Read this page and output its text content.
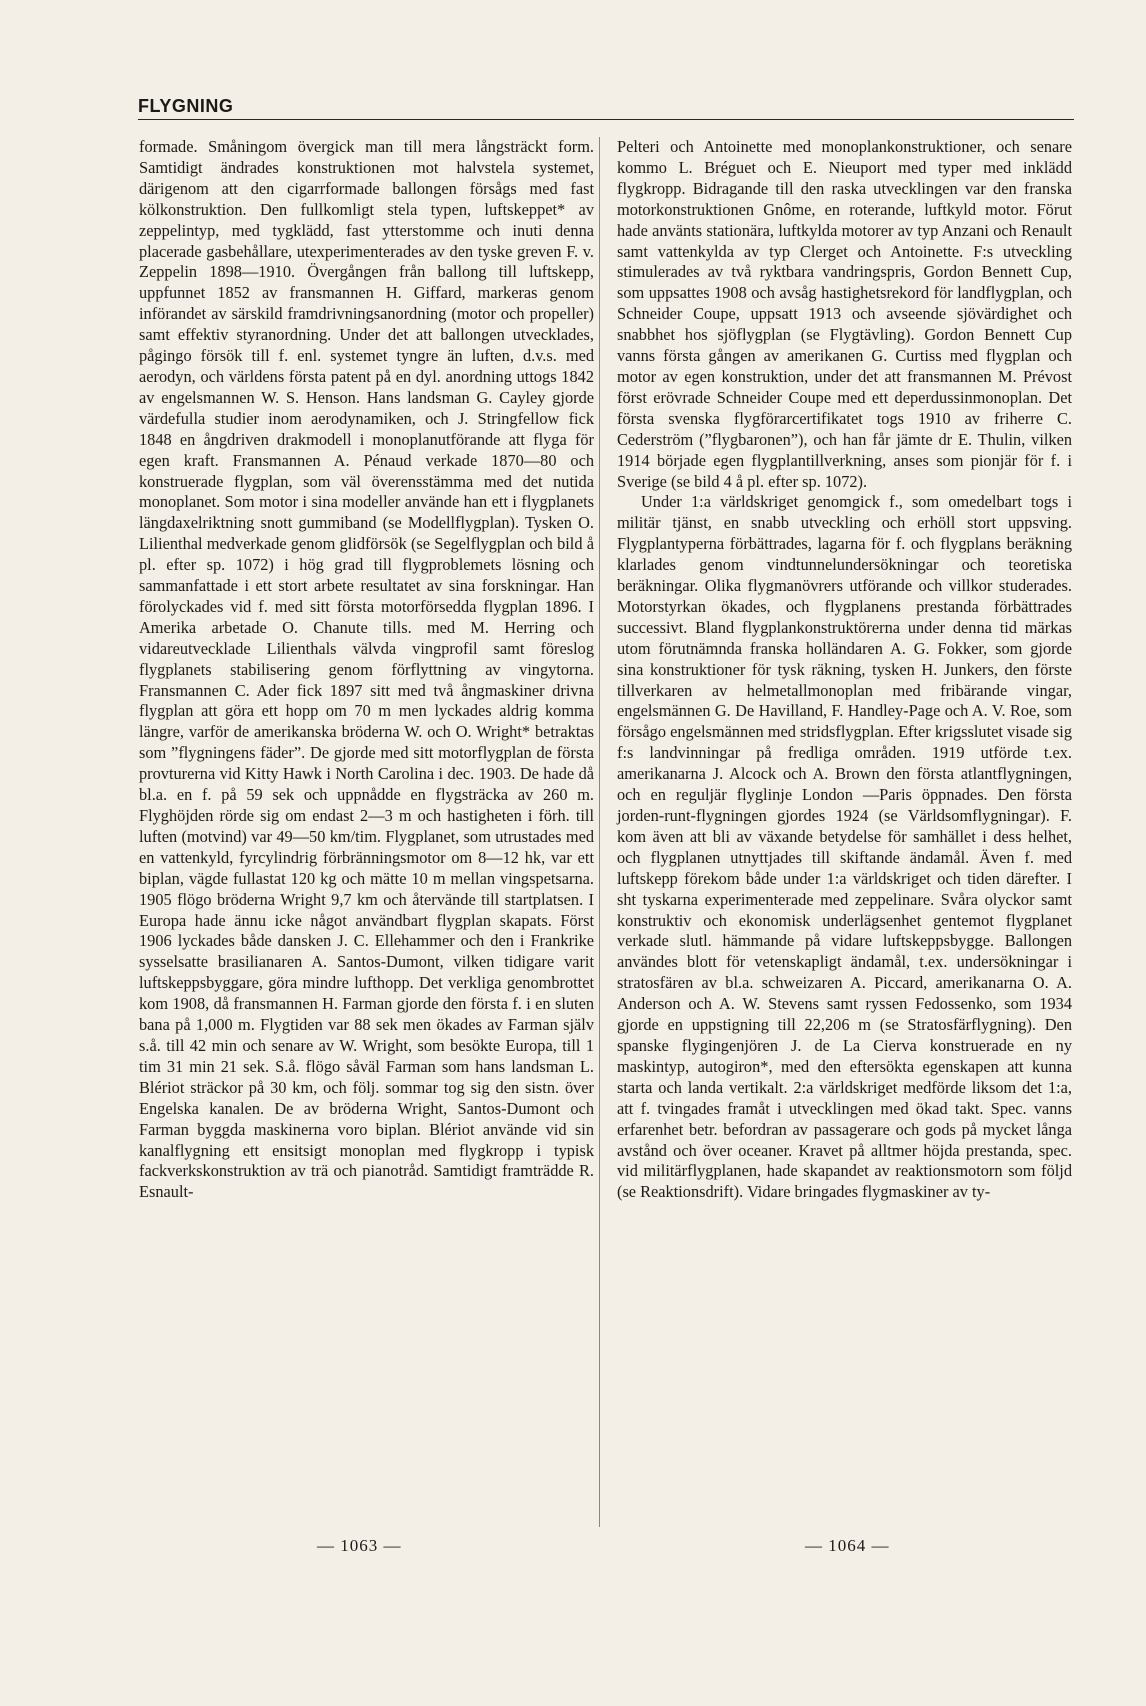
FLYGNING

formade. Småningom övergick man till mera långsträckt form. Samtidigt ändrades konstruktionen mot halvstela systemet, därigenom att den cigarrformade ballongen försågs med fast kölkonstruktion. Den fullkomligt stela typen, luftskeppet* av zeppelintyp, med tygklädd, fast ytterstomme och inuti denna placerade gasbehållare, utexperimenterades av den tyske greven F. v. Zeppelin 1898—1910. Övergången från ballong till luftskepp, uppfunnet 1852 av fransmannen H. Giffard, markeras genom införandet av särskild framdrivningsanordning (motor och propeller) samt effektiv styranordning. Under det att ballongen utvecklades, pågingo försök till f. enl. systemet tyngre än luften, d.v.s. med aerodyn, och världens första patent på en dyl. anordning uttogs 1842 av engelsmannen W. S. Henson. Hans landsman G. Cayley gjorde värdefulla studier inom aerodynamiken, och J. Stringfellow fick 1848 en ångdriven drakmodell i monoplanutförande att flyga för egen kraft. Fransmannen A. Pénaud verkade 1870—80 och konstruerade flygplan, som väl överensstämma med det nutida monoplanet. Som motor i sina modeller använde han ett i flygplanets längdaxelriktning snott gummiband (se Modellflygplan). Tysken O. Lilienthal medverkade genom glidförsök (se Segelflygplan och bild å pl. efter sp. 1072) i hög grad till flygproblemets lösning och sammanfattade i ett stort arbete resultatet av sina forskningar. Han förolyckades vid f. med sitt första motorförsedda flygplan 1896. I Amerika arbetade O. Chanute tills. med M. Herring och vidareutvecklade Lilienthals välvda vingprofil samt föreslog flygplanets stabilisering genom förflyttning av vingytorna. Fransmannen C. Ader fick 1897 sitt med två ångmaskiner drivna flygplan att göra ett hopp om 70 m men lyckades aldrig komma längre, varför de amerikanska bröderna W. och O. Wright* betraktas som ”flygningens fäder”. De gjorde med sitt motorflygplan de första provturerna vid Kitty Hawk i North Carolina i dec. 1903. De hade då bl.a. en f. på 59 sek och uppnådde en flygsträcka av 260 m. Flyghöjden rörde sig om endast 2—3 m och hastigheten i förh. till luften (motvind) var 49—50 km/tim. Flygplanet, som utrustades med en vattenkyld, fyrcylindrig förbränningsmotor om 8—12 hk, var ett biplan, vägde fullastat 120 kg och mätte 10 m mellan vingspetsarna. 1905 flögo bröderna Wright 9,7 km och återvände till startplatsen. I Europa hade ännu icke något användbart flygplan skapats. Först 1906 lyckades både dansken J. C. Ellehammer och den i Frankrike sysselsatte brasilianaren A. Santos-Dumont, vilken tidigare varit luftskeppsbyggare, göra mindre lufthopp. Det verkliga genombrottet kom 1908, då fransmannen H. Farman gjorde den första f. i en sluten bana på 1,000 m. Flygtiden var 88 sek men ökades av Farman själv s.å. till 42 min och senare av W. Wright, som besökte Europa, till 1 tim 31 min 21 sek. S.å. flögo såväl Farman som hans landsman L. Blériot sträckor på 30 km, och följ. sommar tog sig den sistn. över Engelska kanalen. De av bröderna Wright, Santos-Dumont och Farman byggda maskinerna voro biplan. Blériot använde vid sin kanalflygning ett ensitsigt monoplan med flygkropp i typisk fackverkskonstruktion av trä och pianotråd. Samtidigt framträdde R. Esnault-

Pelteri och Antoinette med monoplankonstruktioner, och senare kommo L. Bréguet och E. Nieuport med typer med inklädd flygkropp. Bidragande till den raska utvecklingen var den franska motorkonstruktionen Gnôme, en roterande, luftkyld motor. Förut hade använts stationära, luftkylda motorer av typ Anzani och Renault samt vattenkylda av typ Clerget och Antoinette. F:s utveckling stimulerades av två ryktbara vandringspris, Gordon Bennett Cup, som uppsattes 1908 och avsåg hastighetsrekord för landflygplan, och Schneider Coupe, uppsatt 1913 och avseende sjövärdighet och snabbhet hos sjöflygplan (se Flygtävling). Gordon Bennett Cup vanns första gången av amerikanen G. Curtiss med flygplan och motor av egen konstruktion, under det att fransmannen M. Prévost först erövrade Schneider Coupe med ett deperdussinmonoplan. Det första svenska flygförarcertifikatet togs 1910 av friherre C. Cederström (”flygbaronen”), och han får jämte dr E. Thulin, vilken 1914 började egen flygplantillverkning, anses som pionjär för f. i Sverige (se bild 4 å pl. efter sp. 1072).

Under 1:a världskriget genomgick f., som omedelbart togs i militär tjänst, en snabb utveckling och erhöll stort uppsving. Flygplantyperna förbättrades, lagarna för f. och flygplans beräkning klarlades genom vindtunnelundersökningar och teoretiska beräkningar. Olika flygmanövrers utförande och villkor studerades. Motorstyrkan ökades, och flygplanens prestanda förbättrades successivt. Bland flygplankonstruktörerna under denna tid märkas utom förutnämnda franska holländaren A. G. Fokker, som gjorde sina konstruktioner för tysk räkning, tysken H. Junkers, den förste tillverkaren av helmetallmonoplan med fribärande vingar, engelsmännen G. De Havilland, F. Handley-Page och A. V. Roe, som försågo engelsmännen med stridsflygplan. Efter krigsslutet visade sig f:s landvinningar på fredliga områden. 1919 utförde t.ex. amerikanarna J. Alcock och A. Brown den första atlantflygningen, och en reguljär flyglinje London —Paris öppnades. Den första jorden-runt-flygningen gjordes 1924 (se Världsomflygningar). F. kom även att bli av växande betydelse för samhället i dess helhet, och flygplanen utnyttjades till skiftande ändamål. Även f. med luftskepp förekom både under 1:a världskriget och tiden därefter. I sht tyskarna experimenterade med zeppelinare. Svåra olyckor samt konstruktiv och ekonomisk underlägsenhet gentemot flygplanet verkade slutl. hämmande på vidare luftskeppsbygge. Ballongen användes blott för vetenskapligt ändamål, t.ex. undersökningar i stratosfären av bl.a. schweizaren A. Piccard, amerikanarna O. A. Anderson och A. W. Stevens samt ryssen Fedossenko, som 1934 gjorde en uppstigning till 22,206 m (se Stratosfärflygning). Den spanske flygingenjören J. de La Cierva konstruerade en ny maskintyp, autogiron*, med den eftersökta egenskapen att kunna starta och landa vertikalt. 2:a världskriget medförde liksom det 1:a, att f. tvingades framåt i utvecklingen med ökad takt. Spec. vanns erfarenhet betr. befordran av passagerare och gods på mycket långa avstånd och över oceaner. Kravet på alltmer höjda prestanda, spec. vid militärflygplanen, hade skapandet av reaktionsmotorn som följd (se Reaktionsdrift). Vidare bringades flygmaskiner av ty-

— 1063 —	— 1064 —
